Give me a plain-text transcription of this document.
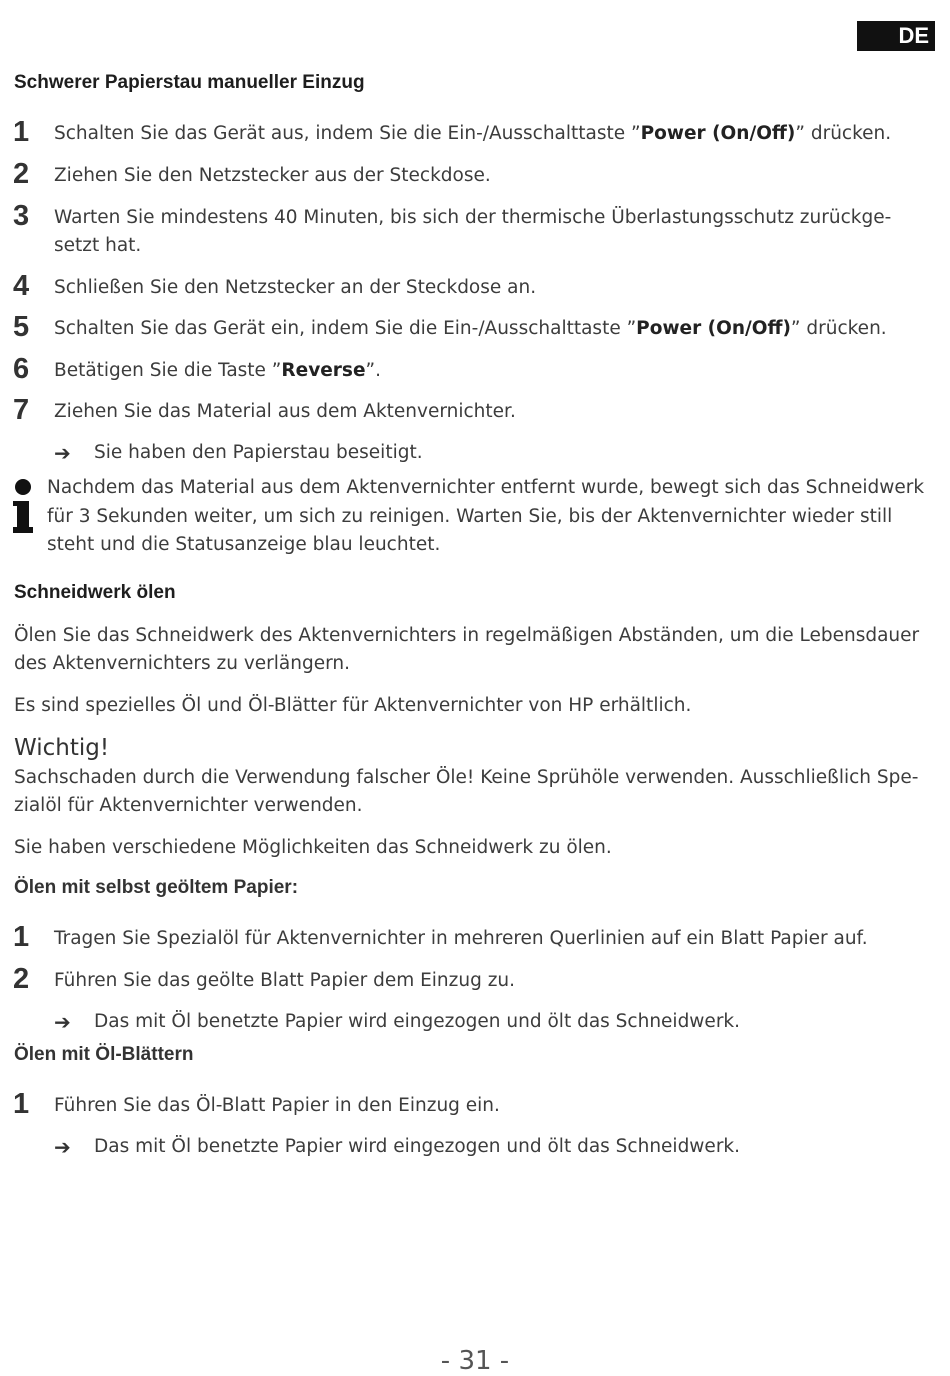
DE
Schwerer Papierstau manueller Einzug
1 Schalten Sie das Gerät aus, indem Sie die Ein-/Ausschalttaste ”Power (On/Off)” drücken.
2 Ziehen Sie den Netzstecker aus der Steckdose.
3 Warten Sie mindestens 40 Minuten, bis sich der thermische Überlastungsschutz zurückge-
setzt hat.
4 Schließen Sie den Netzstecker an der Steckdose an.
5 Schalten Sie das Gerät ein, indem Sie die Ein-/Ausschalttaste ”Power (On/Off)” drücken.
6 Betätigen Sie die Taste ”Reverse”.
7 Ziehen Sie das Material aus dem Aktenvernichter.
➔ Sie haben den Papierstau beseitigt.
Nachdem das Material aus dem Aktenvernichter entfernt wurde, bewegt sich das Schneidwerk
für 3 Sekunden weiter, um sich zu reinigen. Warten Sie, bis der Aktenvernichter wieder still
steht und die Statusanzeige blau leuchtet.
Schneidwerk ölen
Ölen Sie das Schneidwerk des Aktenvernichters in regelmäßigen Abständen, um die Lebensdauer
des Aktenvernichters zu verlängern.
Es sind spezielles Öl und Öl-Blätter für Aktenvernichter von HP erhältlich.
Wichtig!
Sachschaden durch die Verwendung falscher Öle! Keine Sprühöle verwenden. Ausschließlich Spe-
zialöl für Aktenvernichter verwenden.
Sie haben verschiedene Möglichkeiten das Schneidwerk zu ölen.
Ölen mit selbst geöltem Papier:
1 Tragen Sie Spezialöl für Aktenvernichter in mehreren Querlinien auf ein Blatt Papier auf.
2 Führen Sie das geölte Blatt Papier dem Einzug zu.
➔ Das mit Öl benetzte Papier wird eingezogen und ölt das Schneidwerk.
Ölen mit Öl-Blättern
1 Führen Sie das Öl-Blatt Papier in den Einzug ein.
➔ Das mit Öl benetzte Papier wird eingezogen und ölt das Schneidwerk.
- 31 -
